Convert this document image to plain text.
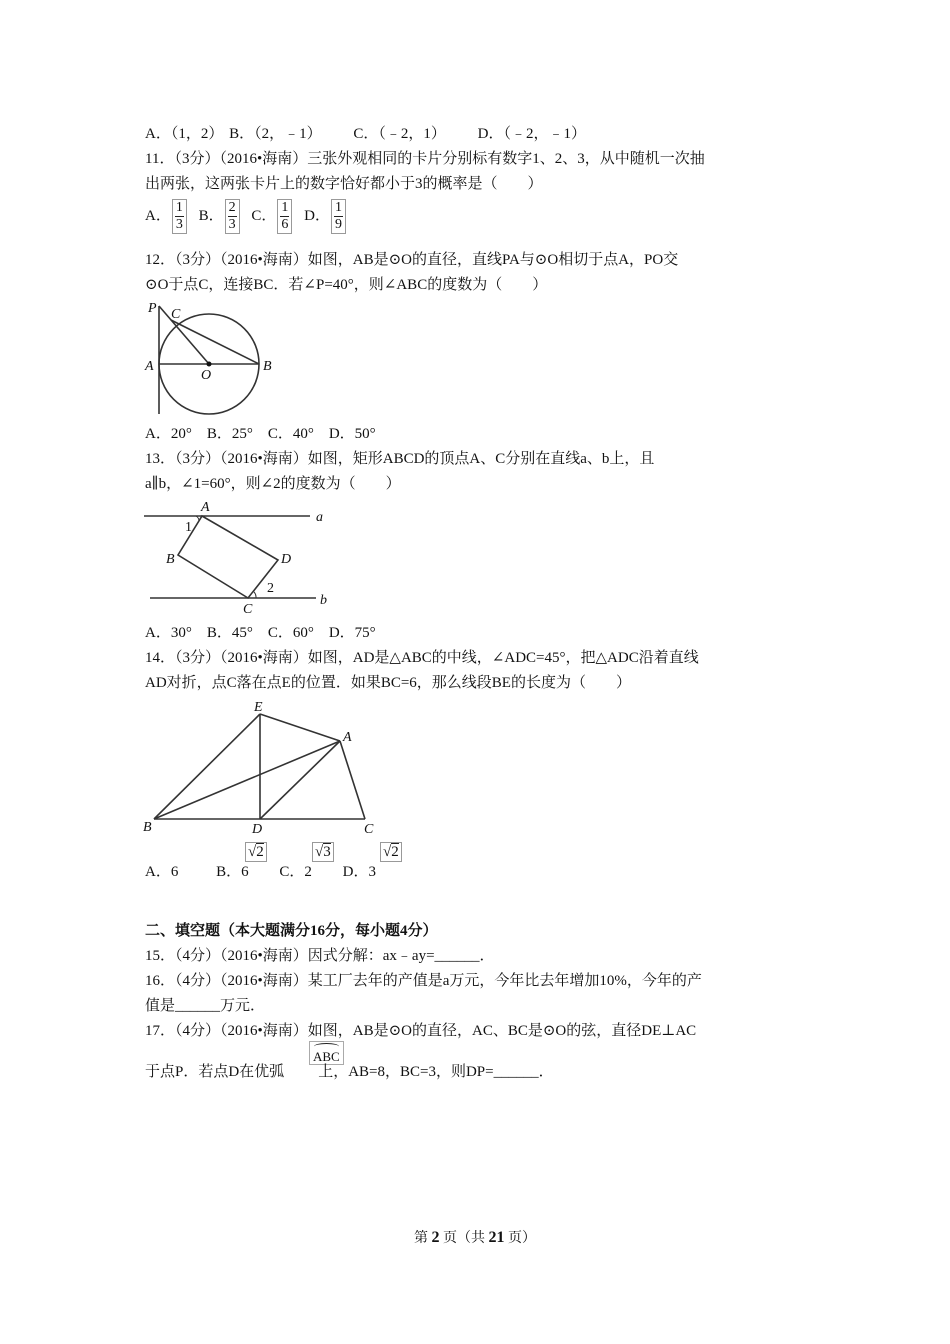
A．（1，2） B．（2，﹣1） C．（﹣2，1） D．（﹣2，﹣1）
11．（3分）（2016•海南）三张外观相同的卡片分别标有数字1、2、3，从中随机一次抽
出两张，这两张卡片上的数字恰好都小于3的概率是（　　）
A． $\frac{1}{3}$ B． $\frac{2}{3}$ C． $\frac{1}{6}$ D． $\frac{1}{9}$
12．（3分）（2016•海南）如图，AB是⊙O的直径，直线PA与⊙O相切于点A，PO交
⊙O于点C，连接BC．若∠P=40°，则∠ABC的度数为（　　）
P C
A
O
B
A．20°　B．25°　C．40°　D．50°
13．（3分）（2016•海南）如图，矩形ABCD的顶点A、C分别在直线a、b上，且
a∥b，∠1=60°，则∠2的度数为（　　）
A
a
1
B	D
2
C
b
A．30°　B．45°　C．60°　D．75°
14．（3分）（2016•海南）如图，AD是△ABC的中线，∠ADC=45°，把△ADC沿着直线
AD对折，点C落在点E的位置．如果BC=6，那么线段BE的长度为（　　）
E
A
B	D	C
√2	√3	√2
A．6	B．6 C．2 D．3
二、填空题（本大题满分16分，每小题4分）
15．（4分）（2016•海南）因式分解：ax﹣ay=______．
16．（4分）（2016•海南）某工厂去年的产值是a万元，今年比去年增加10%，今年的产
值是______万元．
17．（4分）（2016•海南）如图，AB是⊙O的直径，AC、BC是⊙O的弦，直径DE⊥AC
ABC
于点P．若点D在优弧 上，AB=8，BC=3，则DP=______．
第 2 页（共 21 页）
